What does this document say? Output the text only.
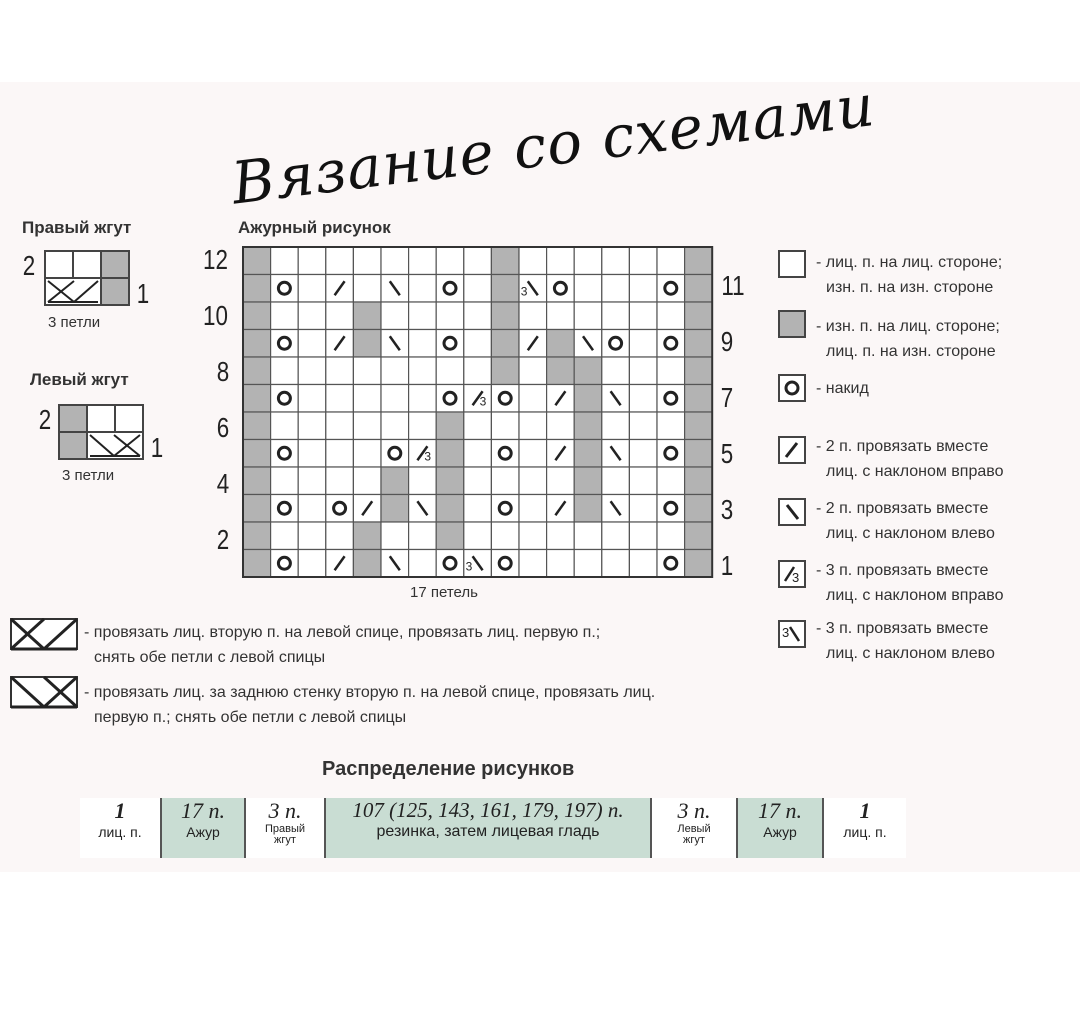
Правый жгут
2
1
3 петли
Левый жгут
2
1
3 петли
Ажурный рисунок
12
10
8
6
4
2
3
3
3
3
11
9
7
5
3
1
17 петель
Вязание со схемами
- лиц. п. на лиц. стороне;
изн. п. на изн. стороне
- изн. п. на лиц. стороне;
лиц. п. на изн. стороне
- накид
- 2 п. провязать вместе
лиц. с наклоном вправо
- 2 п. провязать вместе
лиц. с наклоном влево
3 - 3 п. провязать вместе
лиц. с наклоном вправо
3 - 3 п. провязать вместе
лиц. с наклоном влево
- провязать лиц. вторую п. на левой спице, провязать лиц. первую п.;
снять обе петли с левой спицы
- провязать лиц. за заднюю стенку вторую п. на левой спице, провязать лиц.
первую п.; снять обе петли с левой спицы
Распределение рисунков
1
лиц. п.
17 п.
Ажур
3 п.
Правый жгут
107 (125, 143, 161, 179, 197) п.
резинка, затем лицевая гладь
3 п.
Левый жгут
17 п.
Ажур
1
лиц. п.
